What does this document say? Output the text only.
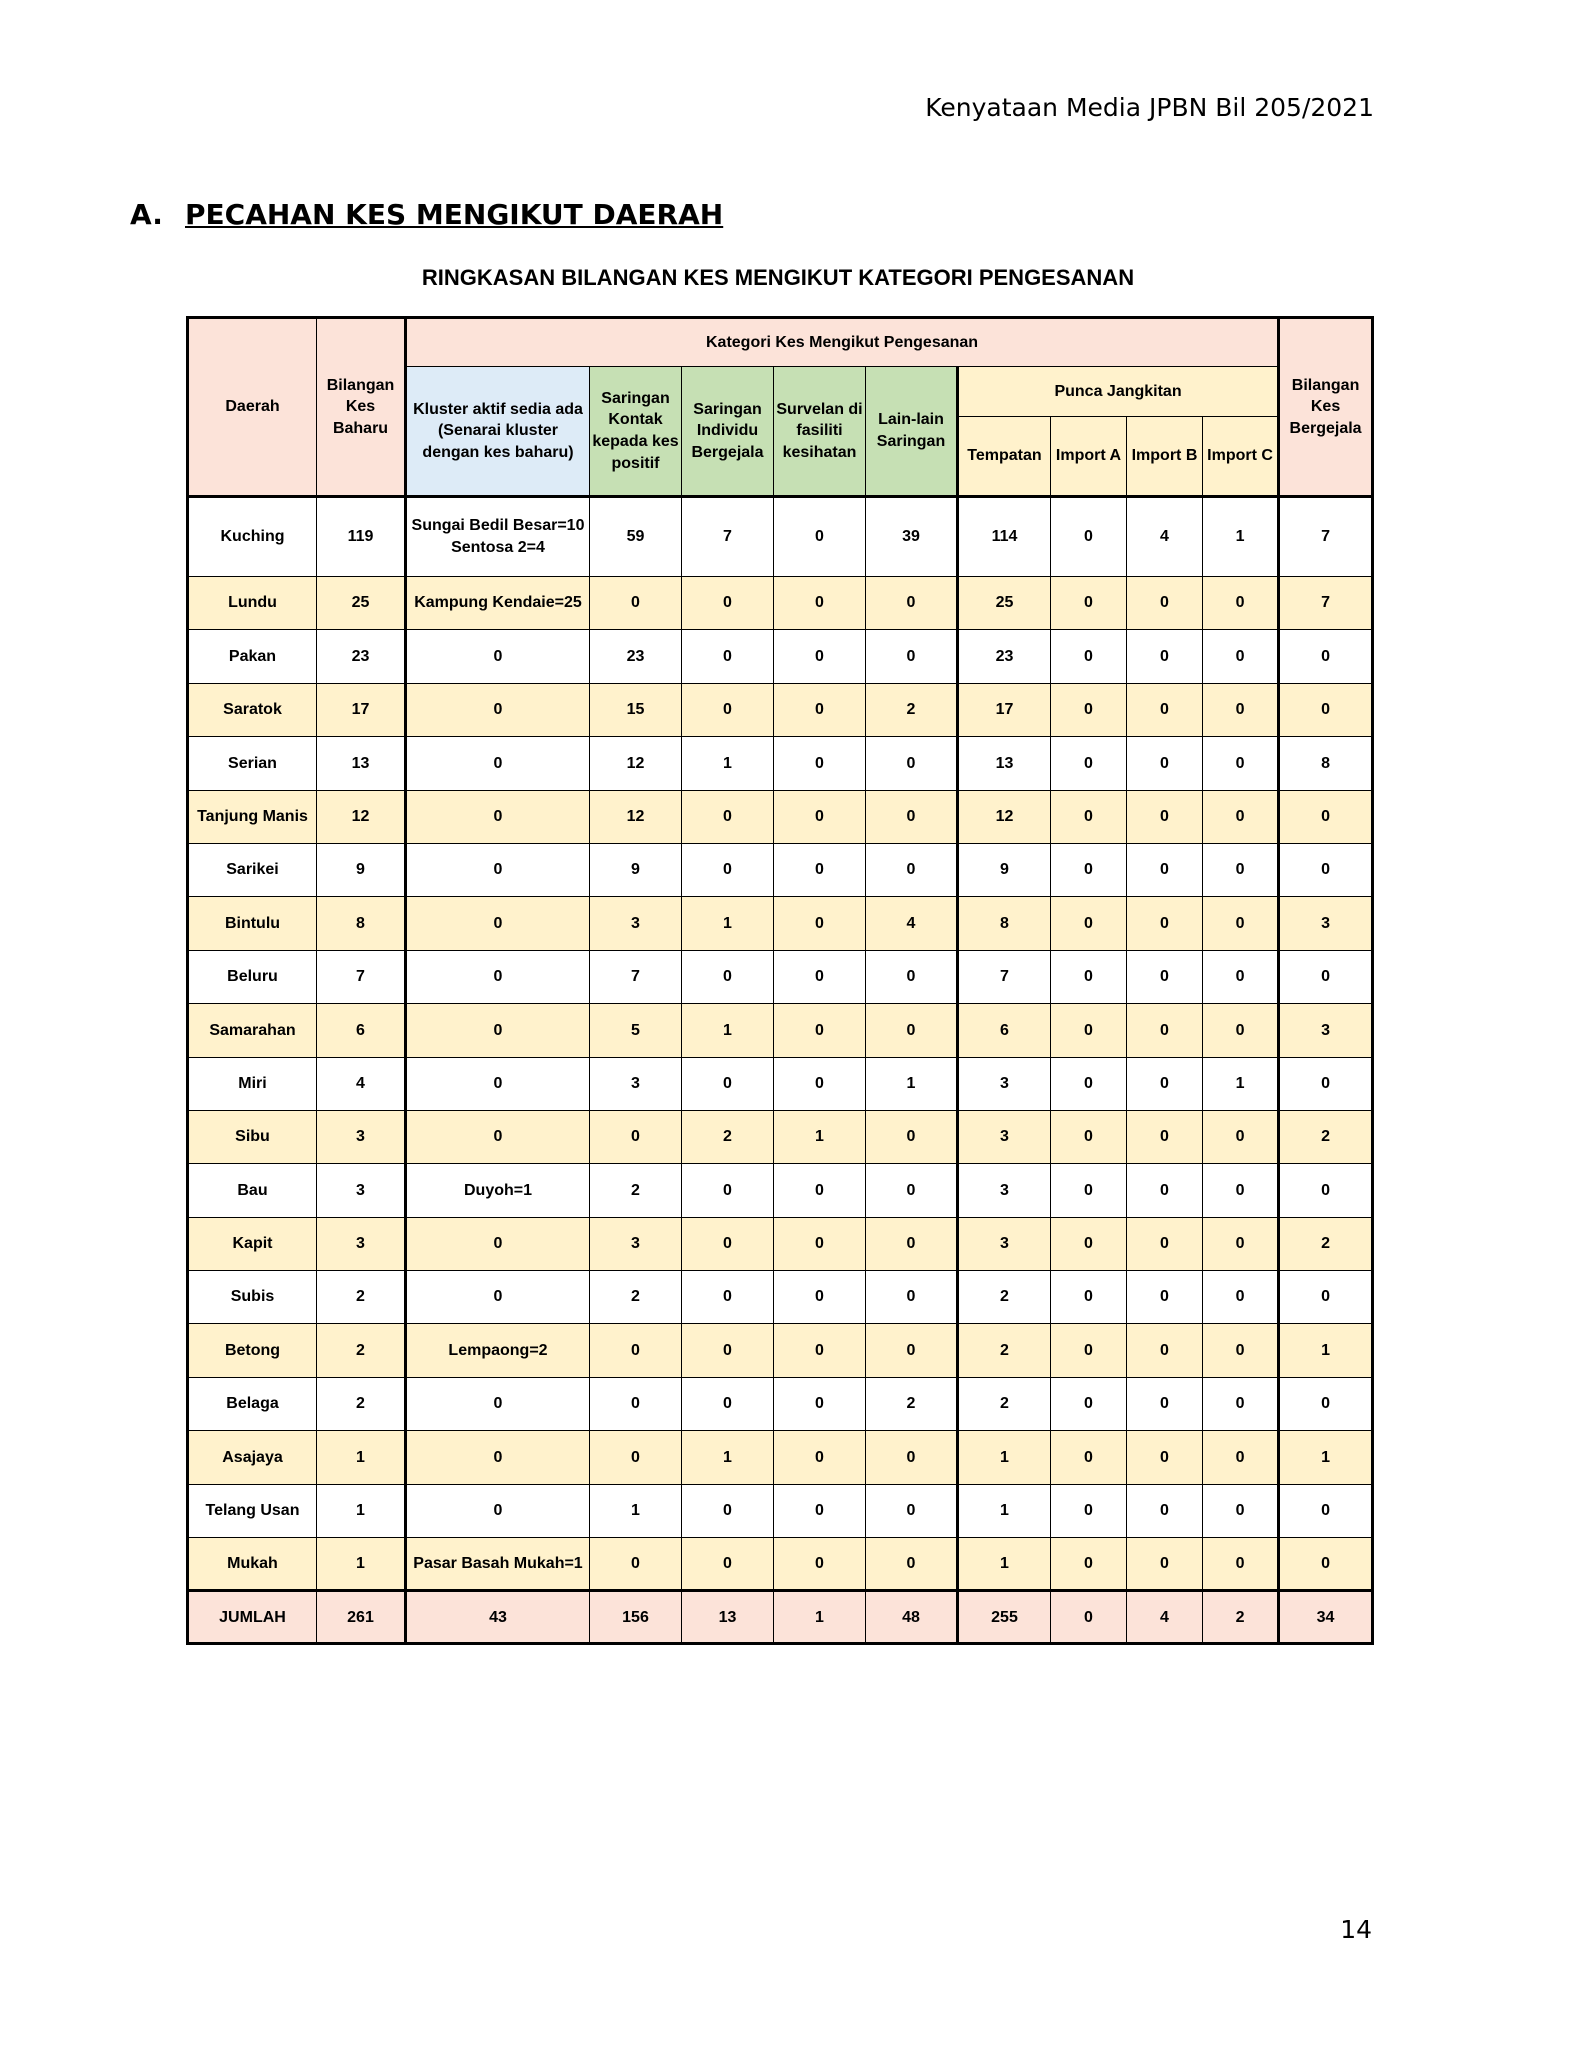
Kenyataan Media JPBN Bil 205/2021
A. PECAHAN KES MENGIKUT DAERAH
RINGKASAN BILANGAN KES MENGIKUT KATEGORI PENGESANAN
Daerah	Bilangan Kes Baharu	Kategori Kes Mengikut Pengesanan									Bilangan Kes Bergejala
		Kluster aktif sedia ada (Senarai kluster dengan kes baharu)	Saringan Kontak kepada kes positif	Saringan Individu Bergejala	Survelan di fasiliti kesihatan	Lain-lain Saringan	Punca Jangkitan				
							Tempatan	Import A	Import B	Import C	
Kuching	119	Sungai Bedil Besar=10 Sentosa 2=4	59	7	0	39	114	0	4	1	7
Lundu	25	Kampung Kendaie=25	0	0	0	0	25	0	0	0	7
Pakan	23	0	23	0	0	0	23	0	0	0	0
Saratok	17	0	15	0	0	2	17	0	0	0	0
Serian	13	0	12	1	0	0	13	0	0	0	8
Tanjung Manis	12	0	12	0	0	0	12	0	0	0	0
Sarikei	9	0	9	0	0	0	9	0	0	0	0
Bintulu	8	0	3	1	0	4	8	0	0	0	3
Beluru	7	0	7	0	0	0	7	0	0	0	0
Samarahan	6	0	5	1	0	0	6	0	0	0	3
Miri	4	0	3	0	0	1	3	0	0	1	0
Sibu	3	0	0	2	1	0	3	0	0	0	2
Bau	3	Duyoh=1	2	0	0	0	3	0	0	0	0
Kapit	3	0	3	0	0	0	3	0	0	0	2
Subis	2	0	2	0	0	0	2	0	0	0	0
Betong	2	Lempaong=2	0	0	0	0	2	0	0	0	1
Belaga	2	0	0	0	0	2	2	0	0	0	0
Asajaya	1	0	0	1	0	0	1	0	0	0	1
Telang Usan	1	0	1	0	0	0	1	0	0	0	0
Mukah	1	Pasar Basah Mukah=1	0	0	0	0	1	0	0	0	0
JUMLAH	261	43	156	13	1	48	255	0	4	2	34
14
